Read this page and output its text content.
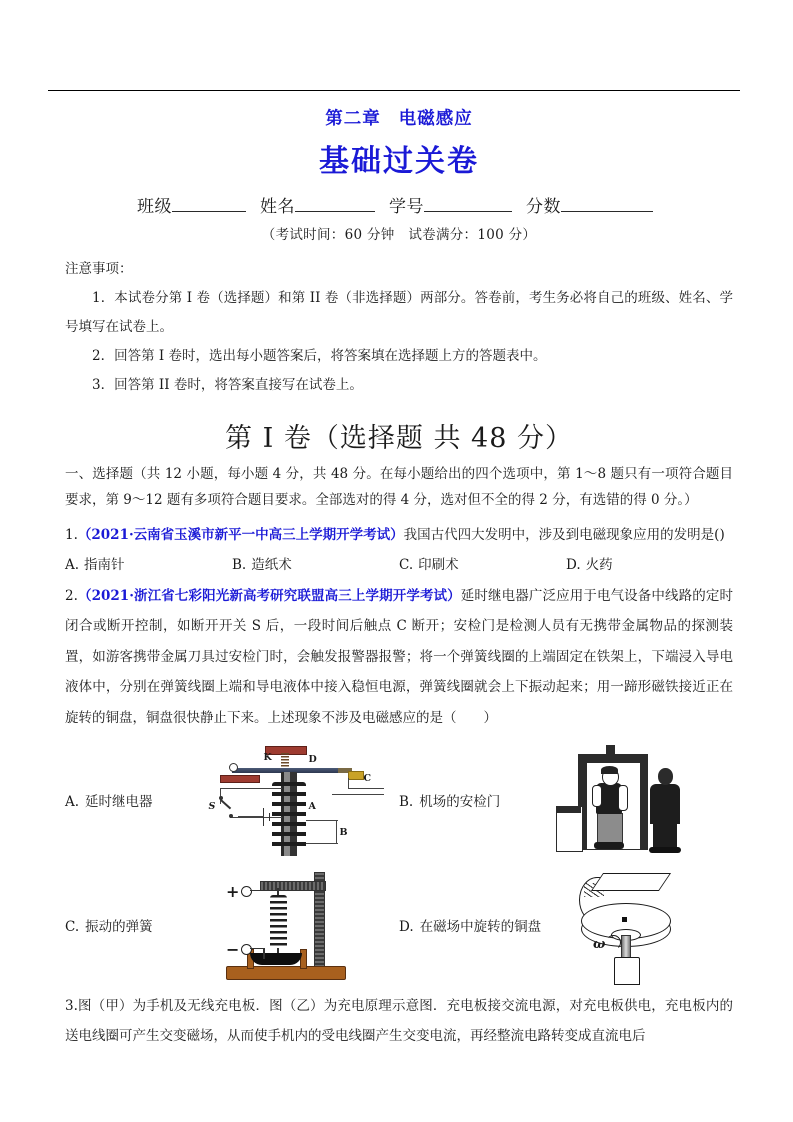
第二章 电磁感应
基础过关卷
班级	姓名	学号	分数
（考试时间：60 分钟　试卷满分：100 分）
注意事项：

1．本试卷分第 I 卷（选择题）和第 II 卷（非选择题）两部分。答卷前，考生务必将自己的班级、姓名、学号填写在试卷上。

2．回答第 I 卷时，选出每小题答案后，将答案填在选择题上方的答题表中。

3．回答第 II 卷时，将答案直接写在试卷上。

第 I 卷（选择题 共 48 分）

一、选择题（共 12 小题，每小题 4 分，共 48 分。在每小题给出的四个选项中，第 1～8 题只有一项符合题目要求，第 9～12 题有多项符合题目要求。全部选对的得 4 分，选对但不全的得 2 分，有选错的得 0 分。）

1.（2021·云南省玉溪市新平一中高三上学期开学考试）我国古代四大发明中，涉及到电磁现象应用的发明是()

A. 指南针	B. 造纸术	C. 印刷术	D. 火药

2.（2021·浙江省七彩阳光新高考研究联盟高三上学期开学考试）延时继电器广泛应用于电气设备中线路的定时闭合或断开控制，如断开开关 S 后，一段时间后触点 C 断开；安检门是检测人员有无携带金属物品的探测装置，如游客携带金属刀具过安检门时，会触发报警器报警；将一个弹簧线圈的上端固定在铁架上，下端浸入导电液体中，分别在弹簧线圈上端和导电液体中接入稳恒电源，弹簧线圈就会上下振动起来；用一蹄形磁铁接近正在旋转的铜盘，铜盘很快静止下来。上述现象不涉及电磁感应的是（　　）

A. 延时继电器
K	D
C
A
B
S	B. 机场的安检门
C. 振动的弹簧
+
−
D. 在磁场中旋转的铜盘
ω

3.图（甲）为手机及无线充电板．图（乙）为充电原理示意图．充电板接交流电源，对充电板供电，充电板内的送电线圈可产生交变磁场，从而使手机内的受电线圈产生交变电流，再经整流电路转变成直流电后
